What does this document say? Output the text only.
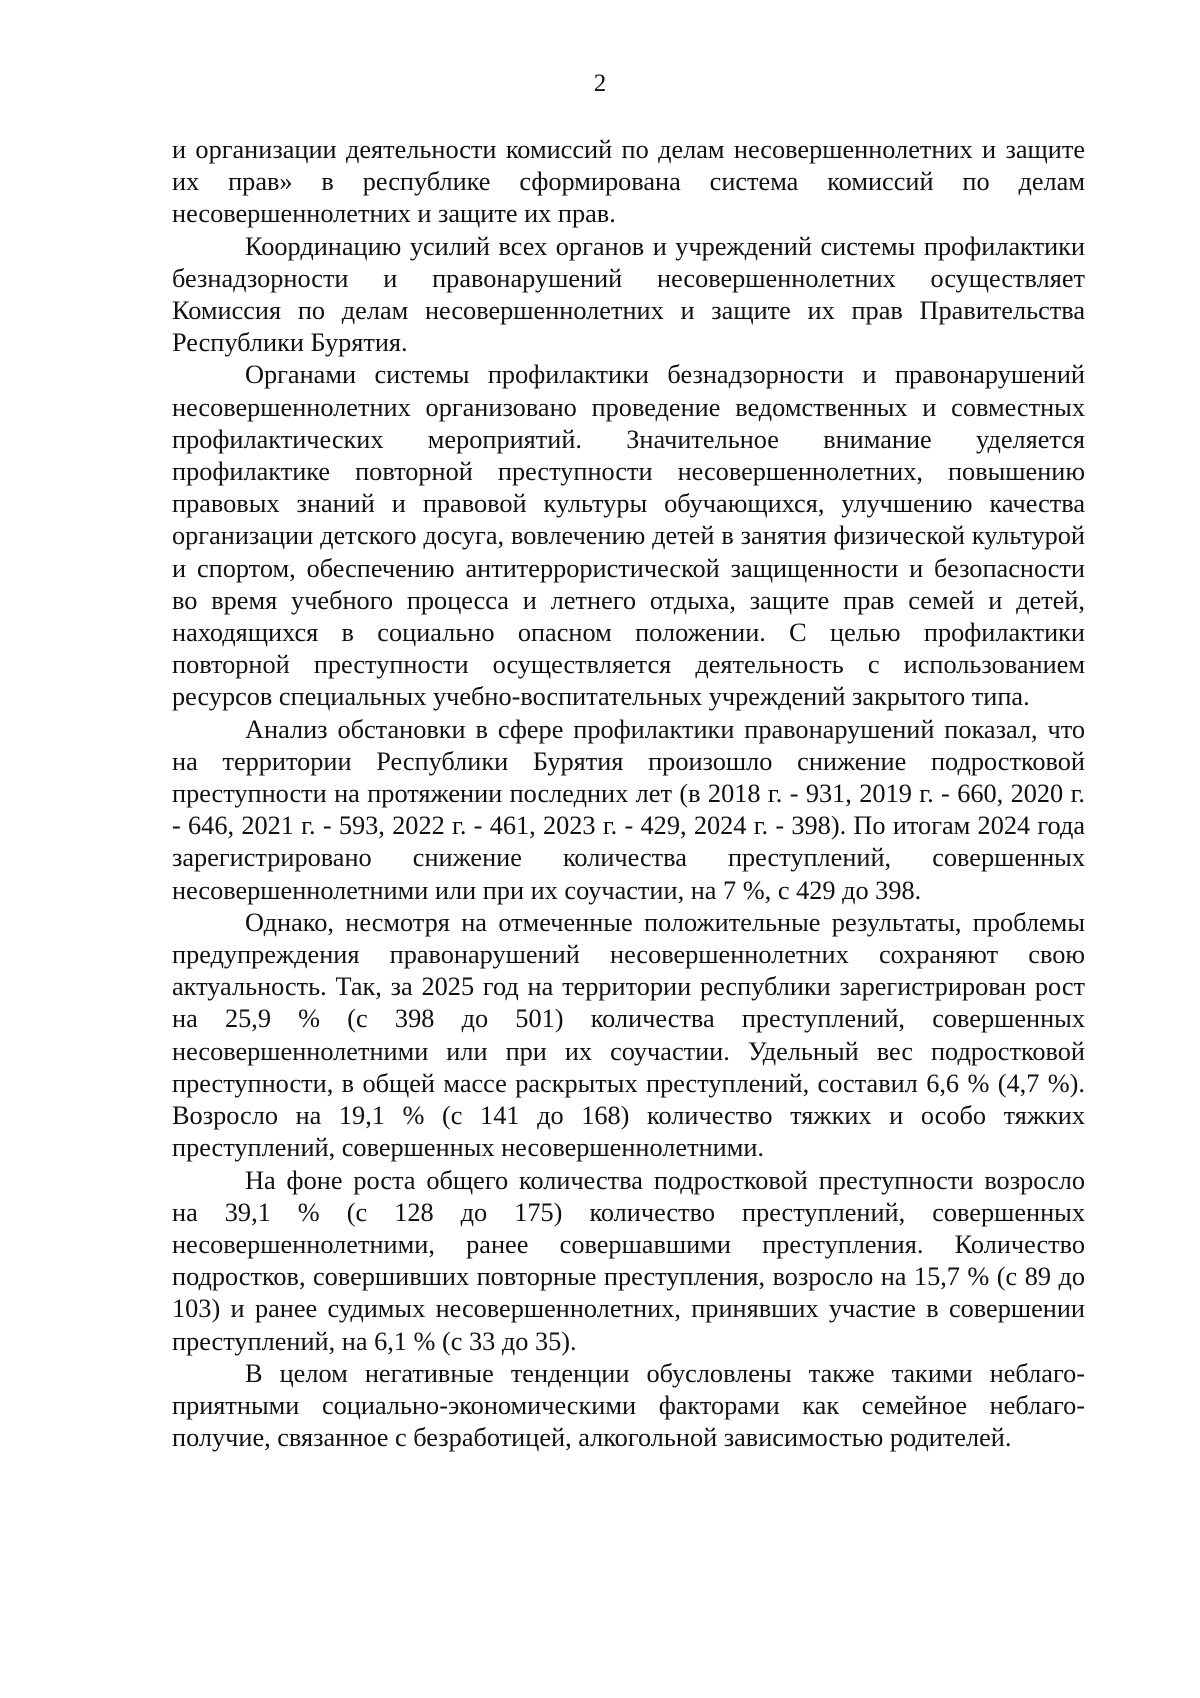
2

и организации деятельности комиссий по делам несовершеннолетних и защите их прав» в республике сформирована система комиссий по делам несовершеннолетних и защите их прав.

Координацию усилий всех органов и учреждений системы профилактики безнадзорности и правонарушений несовершеннолетних осуществляет Комиссия по делам несовершеннолетних и защите их прав Правительства Республики Бурятия.

Органами системы профилактики безнадзорности и правонарушений несовершеннолетних организовано проведение ведомственных и совместных профилактических мероприятий. Значительное внимание уделяется профилактике повторной преступности несовершеннолетних, повышению правовых знаний и правовой культуры обучающихся, улучшению качества организации детского досуга, вовлечению детей в занятия физической культурой и спортом, обеспечению антитеррористической защищенности и безопасности во время учебного процесса и летнего отдыха, защите прав семей и детей, находящихся в социально опасном положении. С целью профилактики повторной преступности осуществляется деятельность с использованием ресурсов специальных учебно-воспитательных учреждений закрытого типа.

Анализ обстановки в сфере профилактики правонарушений показал, что на территории Республики Бурятия произошло снижение подростковой преступности на протяжении последних лет (в 2018 г. - 931, 2019 г. - 660, 2020 г. - 646, 2021 г. - 593, 2022 г. - 461, 2023 г. - 429, 2024 г. - 398). По итогам 2024 года зарегистрировано снижение количества преступлений, совершенных несовершеннолетними или при их соучастии, на 7 %, с 429 до 398.

Однако, несмотря на отмеченные положительные результаты, проблемы предупреждения правонарушений несовершеннолетних сохраняют свою актуальность. Так, за 2025 год на территории республики зарегистрирован рост на 25,9 % (с 398 до 501) количества преступлений, совершенных несовершеннолетними или при их соучастии. Удельный вес подростковой преступности, в общей массе раскрытых преступлений, составил 6,6 % (4,7 %). Возросло на 19,1 % (с 141 до 168) количество тяжких и особо тяжких преступлений, совершенных несовершеннолетними.

На фоне роста общего количества подростковой преступности возросло на 39,1 % (с 128 до 175) количество преступлений, совершенных несовершеннолетними, ранее совершавшими преступления. Количество подростков, совершивших повторные преступления, возросло на 15,7 % (с 89 до 103) и ранее судимых несовершеннолетних, принявших участие в совершении преступлений, на 6,1 % (с 33 до 35).

В целом негативные тенденции обусловлены также такими неблагоприятными социально-экономическими факторами как семейное неблагополучие, связанное с безработицей, алкогольной зависимостью родителей.
